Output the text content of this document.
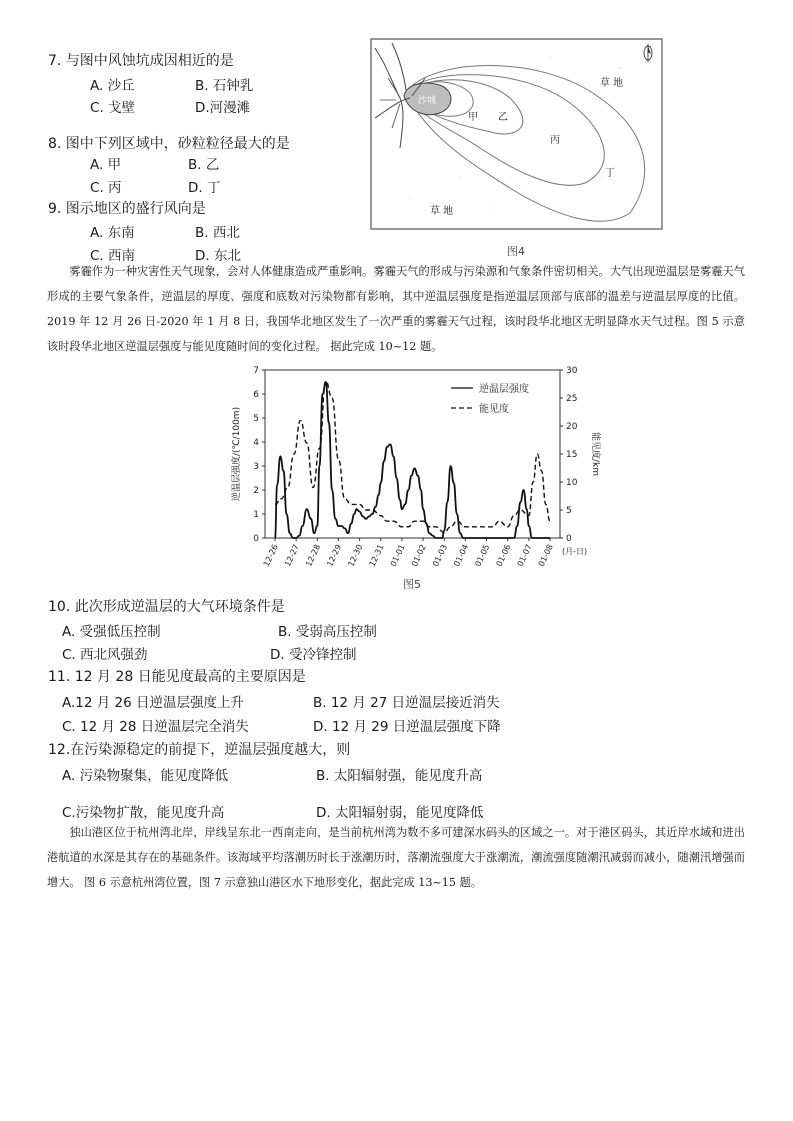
7. 与图中风蚀坑成因相近的是
A. 沙丘	B. 石钟乳
C. 戈壁	D.河漫滩
8. 图中下列区域中，砂粒粒径最大的是
A. 甲	B. 乙
C. 丙	D. 丁
9. 图示地区的盛行风向是
A. 东南	B. 西北
C. 西南	D. 东北
沙城
甲 乙
丙
丁
草 地
草 地
图4
雾霾作为一种灾害性天气现象，会对人体健康造成严重影响。雾霾天气的形成与污染源和气象条件密切相关。大气出现逆温层是雾霾天气形成的主要气象条件，逆温层的厚度、强度和底数对污染物都有影响，其中逆温层强度是指逆温层顶部与底部的温差与逆温层厚度的比值。2019 年 12 月 26 日-2020 年 1 月 8 日，我国华北地区发生了一次严重的雾霾天气过程，该时段华北地区无明显降水天气过程。图 5 示意该时段华北地区逆温层强度与能见度随时间的变化过程。 据此完成 10~12 题。
0
1
2
3
4
5
6
7
0
5
10
15
20
25
30
12-26 12-27 12-28 12-29 12-30 12-31 01-01 01-02 01-03 01-04 01-05 01-06 01-07 01-08
逆温层强度/(℃/100m)	能见度/km
(月-日)
逆温层强度
能见度
图5
10. 此次形成逆温层的大气环境条件是
A. 受强低压控制	B. 受弱高压控制
C. 西北风强劲	D. 受冷锋控制
11. 12 月 28 日能见度最高的主要原因是
A.12 月 26 日逆温层强度上升	B. 12 月 27 日逆温层接近消失
C. 12 月 28 日逆温层完全消失	D. 12 月 29 日逆温层强度下降
12.在污染源稳定的前提下，逆温层强度越大，则
A. 污染物聚集，能见度降低	B. 太阳辐射强，能见度升高
C.污染物扩散，能见度升高	D. 太阳辐射弱，能见度降低
独山港区位于杭州湾北岸，岸线呈东北一西南走向，是当前杭州湾为数不多可建深水码头的区域之一。对于港区码头，其近岸水域和进出港航道的水深是其存在的基础条件。该海域平均落潮历时长于涨潮历时，落潮流强度大于涨潮流，潮流强度随潮汛减弱而减小，随潮汛增强而增大。 图 6 示意杭州湾位置，图 7 示意独山港区水下地形变化，据此完成 13~15 题。
